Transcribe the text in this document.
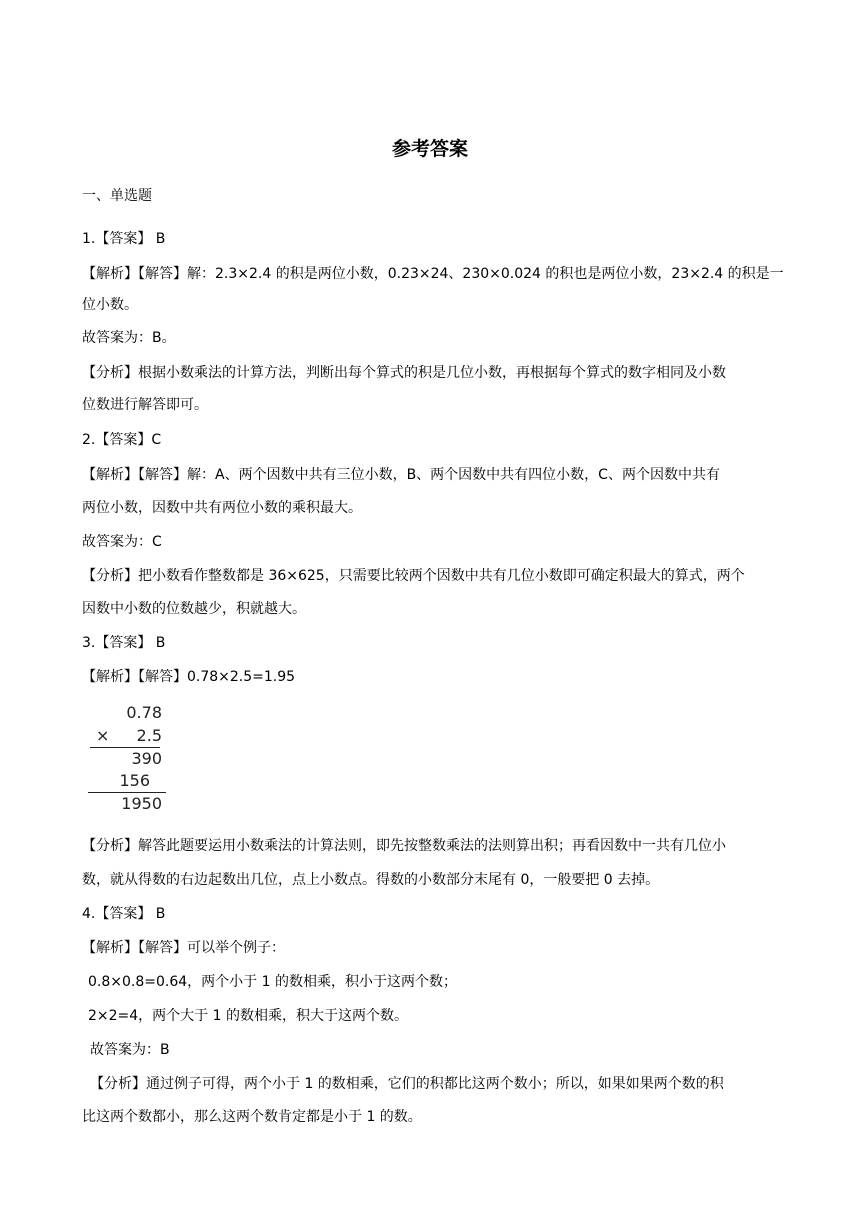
参考答案
一、单选题
1.【答案】 B
【解析】【解答】解：2.3×2.4 的积是两位小数，0.23×24、230×0.024 的积也是两位小数，23×2.4 的积是一
位小数。
故答案为：B。
【分析】根据小数乘法的计算方法，判断出每个算式的积是几位小数，再根据每个算式的数字相同及小数
位数进行解答即可。
2.【答案】C
【解析】【解答】解：A、两个因数中共有三位小数，B、两个因数中共有四位小数，C、两个因数中共有
两位小数，因数中共有两位小数的乘积最大。
故答案为：C
【分析】把小数看作整数都是 36×625，只需要比较两个因数中共有几位小数即可确定积最大的算式，两个
因数中小数的位数越少，积就越大。
3.【答案】 B
【解析】【解答】0.78×2.5=1.95
0.78
× 2.5
390
156
1950
【分析】解答此题要运用小数乘法的计算法则，即先按整数乘法的法则算出积；再看因数中一共有几位小
数，就从得数的右边起数出几位，点上小数点。得数的小数部分末尾有 0，一般要把 0 去掉。
4.【答案】 B
【解析】【解答】可以举个例子：
0.8×0.8=0.64，两个小于 1 的数相乘，积小于这两个数；
2×2=4，两个大于 1 的数相乘，积大于这两个数。
故答案为：B
【分析】通过例子可得，两个小于 1 的数相乘，它们的积都比这两个数小；所以，如果如果两个数的积
比这两个数都小，那么这两个数肯定都是小于 1 的数。
